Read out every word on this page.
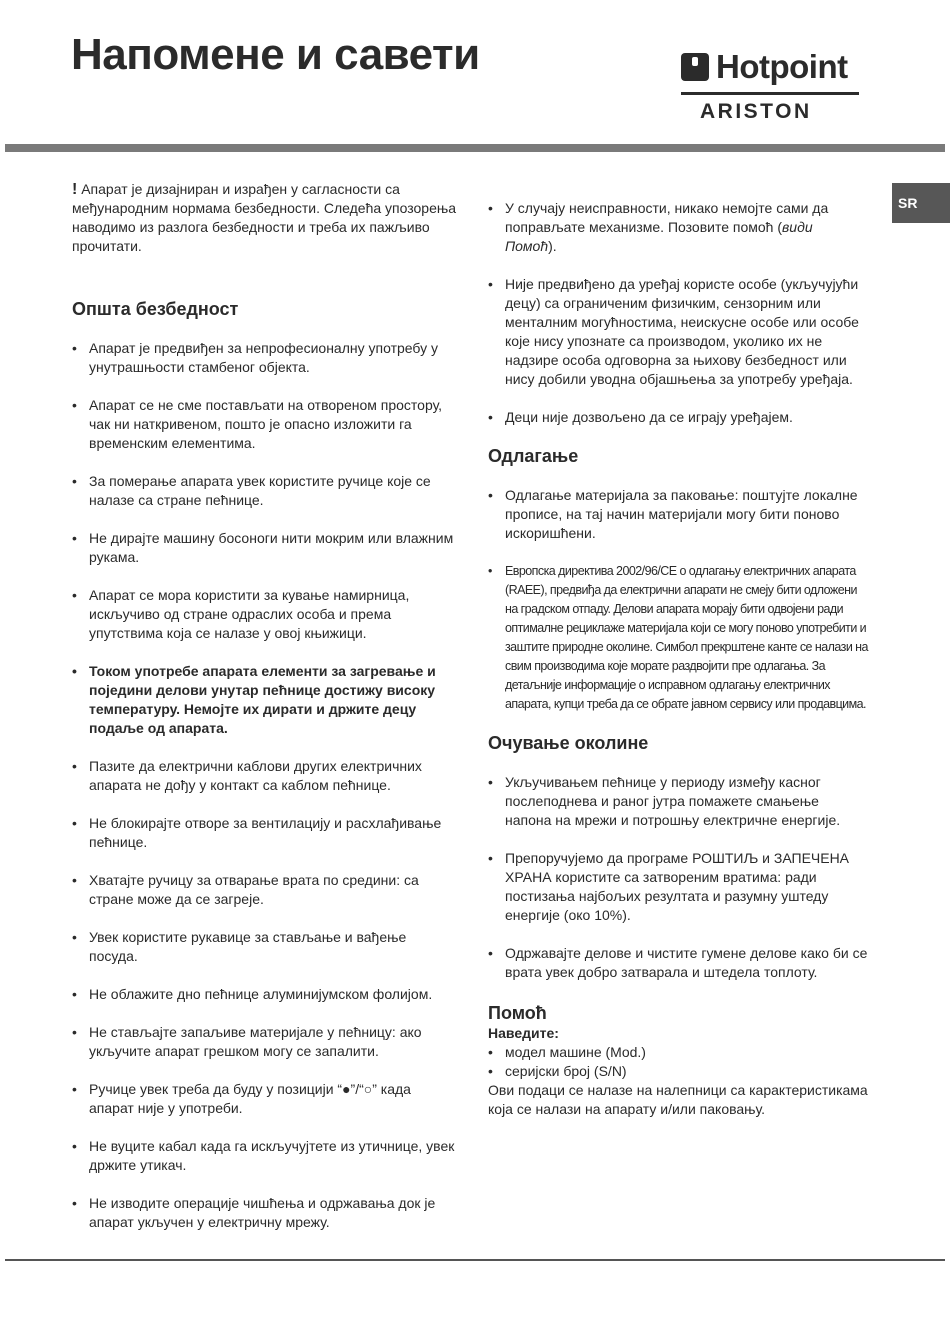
Напомене и савети	Hotpoint
ARISTON
SR

! Апарат је дизајниран и израђен у сагласности са међународним нормама безбедности. Следећа упозорења наводимо из разлога безбедности и треба их пажљиво прочитати.

Општа безбедност
• Апарат је предвиђен за непрофесионалну употребу у унутрашњости стамбеног објекта.
• Апарат се не сме постављати на отвореном простору, чак ни наткривеном, пошто је опасно изложити га временским елементима.
• За померање апарата увек користите ручице које се налазе са стране пећнице.
• Не дирајте машину босоноги нити мокрим или влажним рукама.
• Апарат се мора користити за кување намирница, искључиво од стране одраслих особа и према упутствима која се налазе у овој књижици.
• Током употребе апарата елементи за загревање и поједини делови унутар пећнице достижу високу температуру. Немојте их дирати и држите децу подаље од апарата.
• Пазите да електрични каблови других електричних апарата не дођу у контакт са каблом пећнице.
• Не блокирајте отворе за вентилацију и расхлађивање пећнице.
• Хватајте ручицу за отварање врата по средини: са стране може да се загреје.
• Увек користите рукавице за стављање и вађење посуда.
• Не облажите дно пећнице алуминијумском фолијом.
• Не стављајте запаљиве материјале у пећницу: ако укључите апарат грешком могу се запалити.
• Ручице увек треба да буду у позицији “●”/“○” када апарат није у употреби.
• Не вуците кабал када га искључујтете из утичнице, увек држите утикач.
• Не изводите операције чишћења и одржавања док је апарат укључен у електричну мрежу.
• У случају неисправности, никако немојте сами да поправљате механизме. Позовите помоћ (види Помоћ).
• Није предвиђено да уређај користе особе (укључујући децу) са ограниченим физичким, сензорним или менталним могућностима, неискусне особе или особе које нису упознате са производом, уколико их не надзире особа одговорна за њихову безбедност или нису добили уводна објашњења за употребу уређаја.
• Деци није дозвољено да се играју уређајем.
Одлагање
• Одлагање материјала за паковање: поштујте локалне прописе, на тај начин материјали могу бити поново искоришћени.
• Европска директива 2002/96/CE о одлагању електричних апарата (RAEE), предвиђа да електрични апарати не смеју бити одложени на градском отпаду. Делови апарата морају бити одвојени ради оптималне рециклаже материјала који се могу поново употребити и заштите природне околине. Симбол прекрштене канте се налази на свим производима које морате раздвојити пре одлагања. За детаљније информације о исправном одлагању електричних апарата, купци треба да се обрате јавном сервису или продавцима.
Очување околине
• Укључивањем пећнице у периоду између касног послеподнева и раног јутра помажете смањење напона на мрежи и потрошњу електричне енергије.
• Препоручујемо да програме РОШТИЉ и ЗАПЕЧЕНА ХРАНА користите са затвореним вратима: ради постизања најбољих резултата и разумну уштеду енергије (око 10%).
• Одржавајте делове и чистите гумене делове како би се врата увек добро затварала и штедела топлоту.
Помоћ

Наведите:

• модел машине (Mod.)
• серијски број (S/N)

Ови подаци се налазе на налепници са карактеристикама која се налази на апарату и/или паковању.
